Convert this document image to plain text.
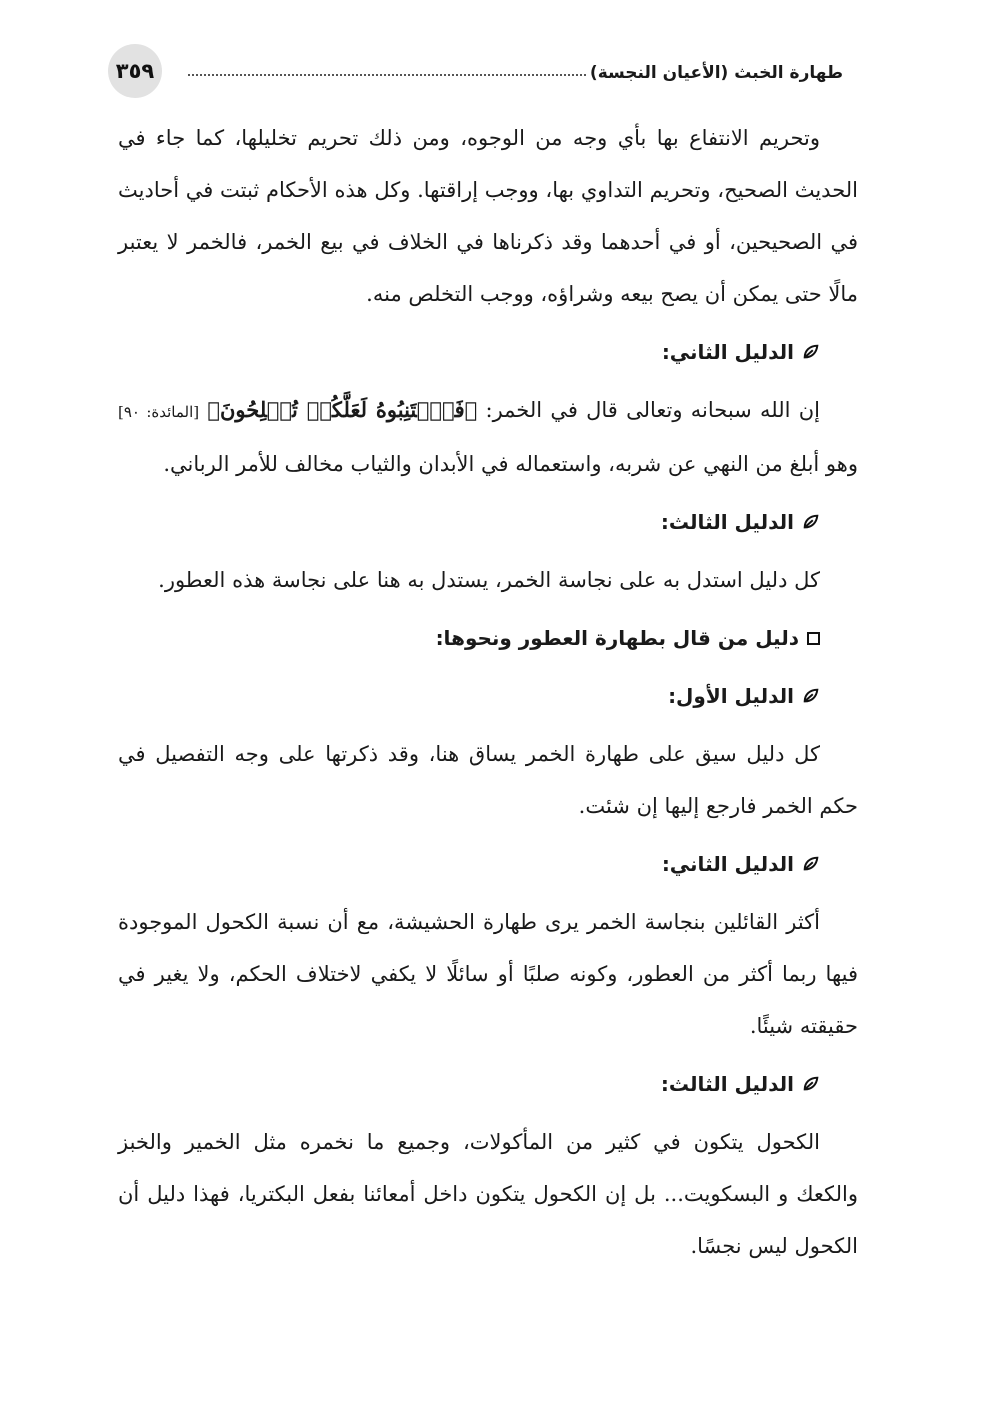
٣٥٩	طهارة الخبث (الأعيان النجسة)

وتحريم الانتفاع بها بأي وجه من الوجوه، ومن ذلك تحريم تخليلها، كما جاء في الحديث الصحيح، وتحريم التداوي بها، ووجب إراقتها. وكل هذه الأحكام ثبتت في أحاديث في الصحيحين، أو في أحدهما وقد ذكرناها في الخلاف في بيع الخمر، فالخمر لا يعتبر مالًا حتى يمكن أن يصح بيعه وشراؤه، ووجب التخلص منه.

الدليل الثاني:

إن الله سبحانه وتعالى قال في الخمر: ﴿فَٱجۡتَنِبُوهُ لَعَلَّكُمۡ تُفۡلِحُونَ﴾ [المائدة: ٩٠] وهو أبلغ من النهي عن شربه، واستعماله في الأبدان والثياب مخالف للأمر الرباني.

الدليل الثالث:

كل دليل استدل به على نجاسة الخمر، يستدل به هنا على نجاسة هذه العطور.

دليل من قال بطهارة العطور ونحوها:
الدليل الأول:

كل دليل سيق على طهارة الخمر يساق هنا، وقد ذكرتها على وجه التفصيل في حكم الخمر فارجع إليها إن شئت.

الدليل الثاني:

أكثر القائلين بنجاسة الخمر يرى طهارة الحشيشة، مع أن نسبة الكحول الموجودة فيها ربما أكثر من العطور، وكونه صلبًا أو سائلًا لا يكفي لاختلاف الحكم، ولا يغير في حقيقته شيئًا.

الدليل الثالث:

الكحول يتكون في كثير من المأكولات، وجميع ما نخمره مثل الخمير والخبز والكعك و البسكويت... بل إن الكحول يتكون داخل أمعائنا بفعل البكتريا، فهذا دليل أن الكحول ليس نجسًا.
